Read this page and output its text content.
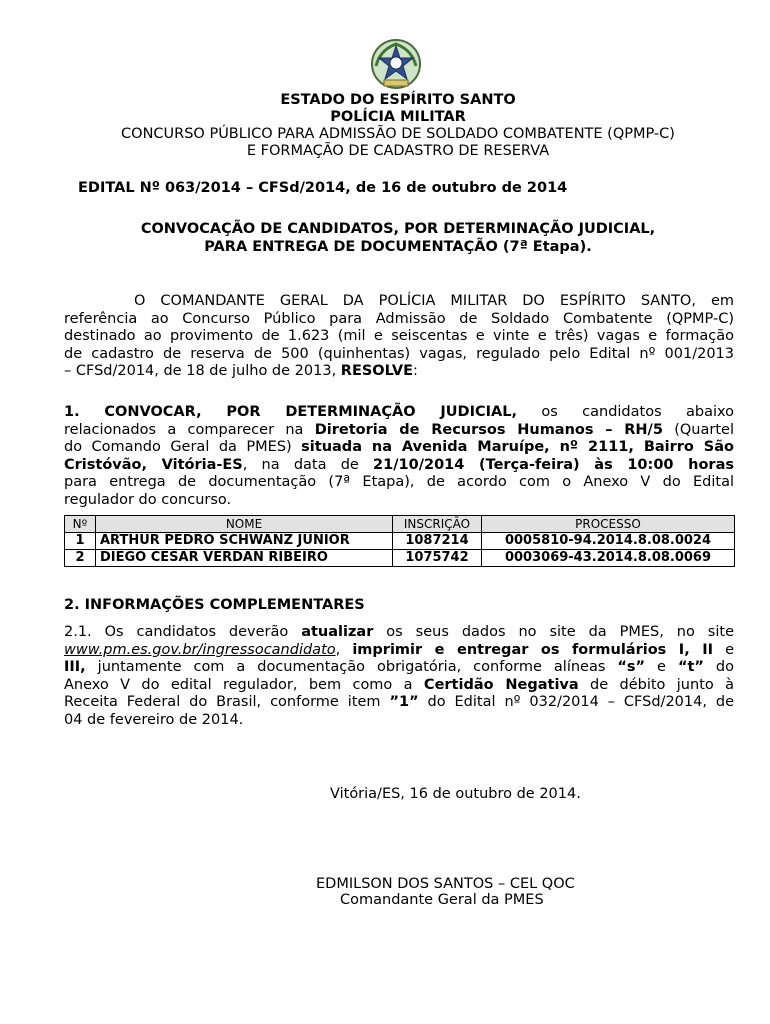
ESTADO DO ESPÍRITO SANTO
POLÍCIA MILITAR
CONCURSO PÚBLICO PARA ADMISSÃO DE SOLDADO COMBATENTE (QPMP-C)
E FORMAÇÃO DE CADASTRO DE RESERVA
EDITAL Nº 063/2014 – CFSd/2014, de 16 de outubro de 2014
CONVOCAÇÃO DE CANDIDATOS, POR DETERMINAÇÃO JUDICIAL,
PARA ENTREGA DE DOCUMENTAÇÃO (7ª Etapa).
O COMANDANTE GERAL DA POLÍCIA MILITAR DO ESPÍRITO SANTO, em
referência ao Concurso Público para Admissão de Soldado Combatente (QPMP-C)
destinado ao provimento de 1.623 (mil e seiscentas e vinte e três) vagas e formação
de cadastro de reserva de 500 (quinhentas) vagas, regulado pelo Edital nº 001/2013
– CFSd/2014, de 18 de julho de 2013, RESOLVE:
1. CONVOCAR, POR DETERMINAÇÃO JUDICIAL, os candidatos abaixo
relacionados a comparecer na Diretoria de Recursos Humanos – RH/5 (Quartel
do Comando Geral da PMES) situada na Avenida Maruípe, nº 2111, Bairro São
Cristóvão, Vitória-ES, na data de 21/10/2014 (Terça-feira) às 10:00 horas
para entrega de documentação (7ª Etapa), de acordo com o Anexo V do Edital
regulador do concurso.
Nº	NOME	INSCRIÇÃO	PROCESSO
1	ARTHUR PEDRO SCHWANZ JUNIOR	1087214	0005810-94.2014.8.08.0024
2	DIEGO CESAR VERDAN RIBEIRO	1075742	0003069-43.2014.8.08.0069
2. INFORMAÇÕES COMPLEMENTARES
2.1. Os candidatos deverão atualizar os seus dados no site da PMES, no site
www.pm.es.gov.br/ingressocandidato, imprimir e entregar os formulários I, II e
III, juntamente com a documentação obrigatória, conforme alíneas “s” e “t” do
Anexo V do edital regulador, bem como a Certidão Negativa de débito junto à
Receita Federal do Brasil, conforme item ”1” do Edital nº 032/2014 – CFSd/2014, de
04 de fevereiro de 2014.
Vitória/ES, 16 de outubro de 2014.
EDMILSON DOS SANTOS – CEL QOC
Comandante Geral da PMES
